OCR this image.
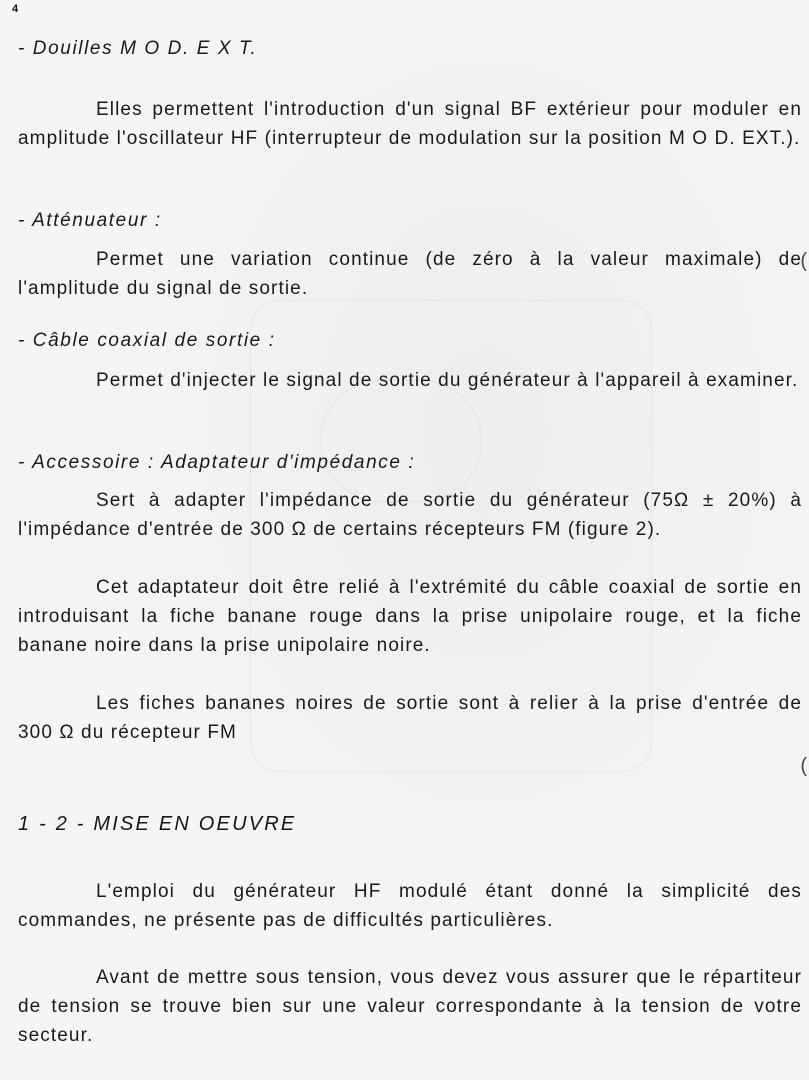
(
(
4
- Douilles M O D. E X T.

Elles permettent l'introduction d'un signal BF extérieur pour moduler en amplitude l'oscillateur HF (interrupteur de modulation sur la position M O D. EXT.).

- Atténuateur :

Permet une variation continue (de zéro à la valeur maximale) de l'amplitude du signal de sortie.

- Câble coaxial de sortie :

Permet d'injecter le signal de sortie du générateur à l'appareil à examiner.

- Accessoire : Adaptateur d'impédance :

Sert à adapter l'impédance de sortie du générateur (75Ω ± 20%) à l'impédance d'entrée de 300 Ω de certains récepteurs FM (figure 2).

Cet adaptateur doit être relié à l'extrémité du câble coaxial de sortie en introduisant la fiche banane rouge dans la prise unipolaire rouge, et la fiche banane noire dans la prise unipolaire noire.

Les fiches bananes noires de sortie sont à relier à la prise d'entrée de 300 Ω du récepteur FM

1 - 2 - MISE EN OEUVRE

L'emploi du générateur HF modulé étant donné la simplicité des commandes, ne présente pas de difficultés particulières.

Avant de mettre sous tension, vous devez vous assurer que le répartiteur de tension se trouve bien sur une valeur correspondante à la tension de votre secteur.
